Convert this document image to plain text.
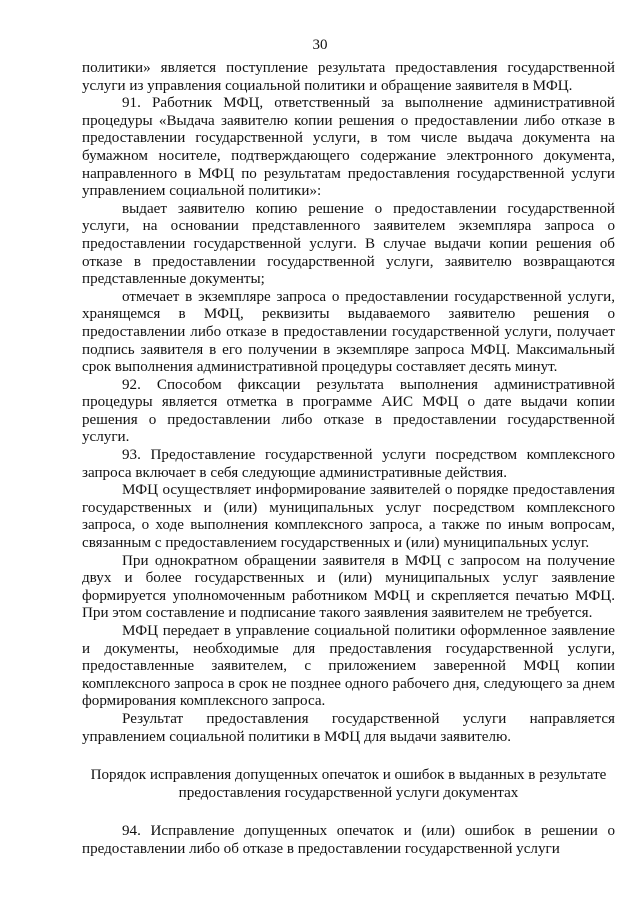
30

политики» является поступление результата предоставления государственной услуги из управления социальной политики и обращение заявителя в МФЦ.

91. Работник МФЦ, ответственный за выполнение административной процедуры «Выдача заявителю копии решения о предоставлении либо отказе в предоставлении государственной услуги, в том числе выдача документа на бумажном носителе, подтверждающего содержание электронного документа, направленного в МФЦ по результатам предоставления государственной услуги управлением социальной политики»:

выдает заявителю копию решение о предоставлении государственной услуги, на основании представленного заявителем экземпляра запроса о предоставлении государственной услуги. В случае выдачи копии решения об отказе в предоставлении государственной услуги, заявителю возвращаются представленные документы;

отмечает в экземпляре запроса о предоставлении государственной услуги, хранящемся в МФЦ, реквизиты выдаваемого заявителю решения о предоставлении либо отказе в предоставлении государственной услуги, получает подпись заявителя в его получении в экземпляре запроса МФЦ. Максимальный срок выполнения административной процедуры составляет десять минут.

92. Способом фиксации результата выполнения административной процедуры является отметка в программе АИС МФЦ о дате выдачи копии решения о предоставлении либо отказе в предоставлении государственной услуги.

93. Предоставление государственной услуги посредством комплексного запроса включает в себя следующие административные действия.

МФЦ осуществляет информирование заявителей о порядке предоставления государственных и (или) муниципальных услуг посредством комплексного запроса, о ходе выполнения комплексного запроса, а также по иным вопросам, связанным с предоставлением государственных и (или) муниципальных услуг.

При однократном обращении заявителя в МФЦ с запросом на получение двух и более государственных и (или) муниципальных услуг заявление формируется уполномоченным работником МФЦ и скрепляется печатью МФЦ. При этом составление и подписание такого заявления заявителем не требуется.

МФЦ передает в управление социальной политики оформленное заявление и документы, необходимые для предоставления государственной услуги, предоставленные заявителем, с приложением заверенной МФЦ копии комплексного запроса в срок не позднее одного рабочего дня, следующего за днем формирования комплексного запроса.

Результат предоставления государственной услуги направляется управлением социальной политики в МФЦ для выдачи заявителю.

Порядок исправления допущенных опечаток и ошибок в выданных в результате предоставления государственной услуги документах

94. Исправление допущенных опечаток и (или) ошибок в решении о предоставлении либо об отказе в предоставлении государственной услуги
